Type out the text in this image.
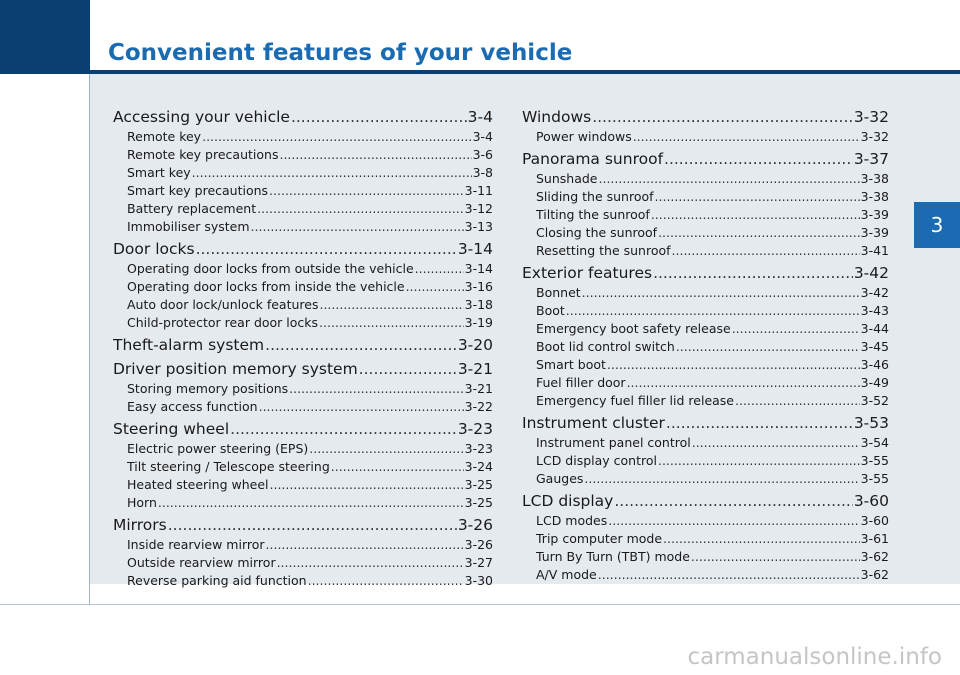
Convenient features of your vehicle
3
Accessing your vehicle .....	3-4
Remote key .....	3-4
Remote key precautions .....	3-6
Smart key .....	3-8
Smart key precautions .....	3-11
Battery replacement .....	3-12
Immobiliser system .....	3-13
Door locks .....	3-14
Operating door locks from outside the vehicle .....	3-14
Operating door locks from inside the vehicle .....	3-16
Auto door lock/unlock features .....	3-18
Child-protector rear door locks .....	3-19
Theft-alarm system .....	3-20
Driver position memory system .....	3-21
Storing memory positions .....	3-21
Easy access function .....	3-22
Steering wheel .....	3-23
Electric power steering (EPS) .....	3-23
Tilt steering / Telescope steering .....	3-24
Heated steering wheel .....	3-25
Horn .....	3-25
Mirrors .....	3-26
Inside rearview mirror .....	3-26
Outside rearview mirror .....	3-27
Reverse parking aid function .....	3-30
Windows .....	3-32
Power windows .....	3-32
Panorama sunroof .....	3-37
Sunshade .....	3-38
Sliding the sunroof .....	3-38
Tilting the sunroof .....	3-39
Closing the sunroof .....	3-39
Resetting the sunroof .....	3-41
Exterior features .....	3-42
Bonnet .....	3-42
Boot .....	3-43
Emergency boot safety release .....	3-44
Boot lid control switch .....	3-45
Smart boot .....	3-46
Fuel filler door .....	3-49
Emergency fuel filler lid release .....	3-52
Instrument cluster .....	3-53
Instrument panel control .....	3-54
LCD display control .....	3-55
Gauges .....	3-55
LCD display .....	3-60
LCD modes .....	3-60
Trip computer mode .....	3-61
Turn By Turn (TBT) mode .....	3-62
A/V mode .....	3-62
carmanualsonline.info
